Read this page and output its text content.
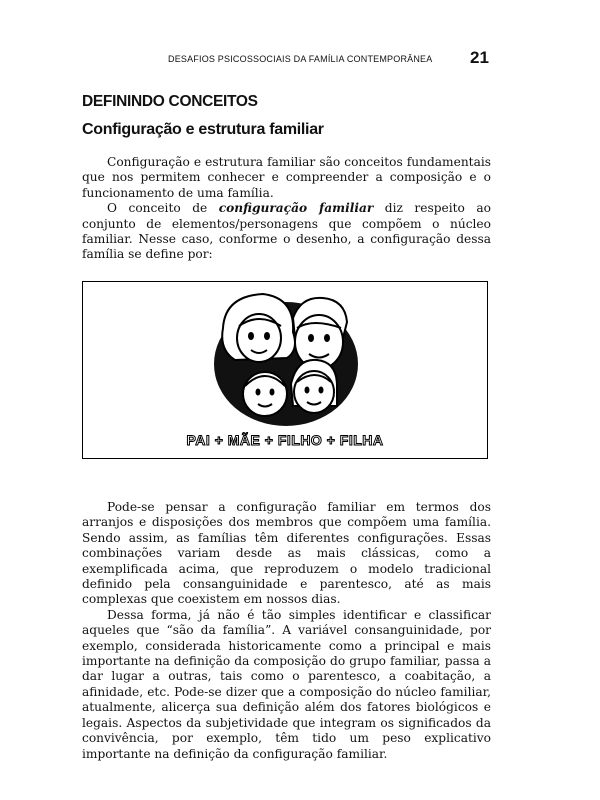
DESAFIOS PSICOSSOCIAIS DA FAMÍLIA CONTEMPORÂNEA	21
DEFININDO CONCEITOS
Configuração e estrutura familiar

Configuração e estrutura familiar são conceitos fundamentais que nos permitem conhecer e compreender a composição e o funcionamento de uma família.

O conceito de configuração familiar diz respeito ao conjunto de elementos/personagens que compõem o núcleo familiar. Nesse caso, conforme o desenho, a configuração dessa família se define por:

PAI + MÃE + FILHO + FILHA

Pode-se pensar a configuração familiar em termos dos arranjos e disposições dos membros que compõem uma família. Sendo assim, as famílias têm diferentes configurações. Essas combinações variam desde as mais clássicas, como a exemplificada acima, que reproduzem o modelo tradicional definido pela consanguinidade e parentesco, até as mais complexas que coexistem em nossos dias.

Dessa forma, já não é tão simples identificar e classificar aqueles que “são da família”. A variável consanguinidade, por exemplo, considerada historicamente como a principal e mais importante na definição da composição do grupo familiar, passa a dar lugar a outras, tais como o parentesco, a coabitação, a afinidade, etc. Pode-se dizer que a composição do núcleo familiar, atualmente, alicerça sua definição além dos fatores biológicos e legais. Aspectos da subjetividade que integram os significados da convivência, por exemplo, têm tido um peso explicativo importante na definição da configuração familiar.
